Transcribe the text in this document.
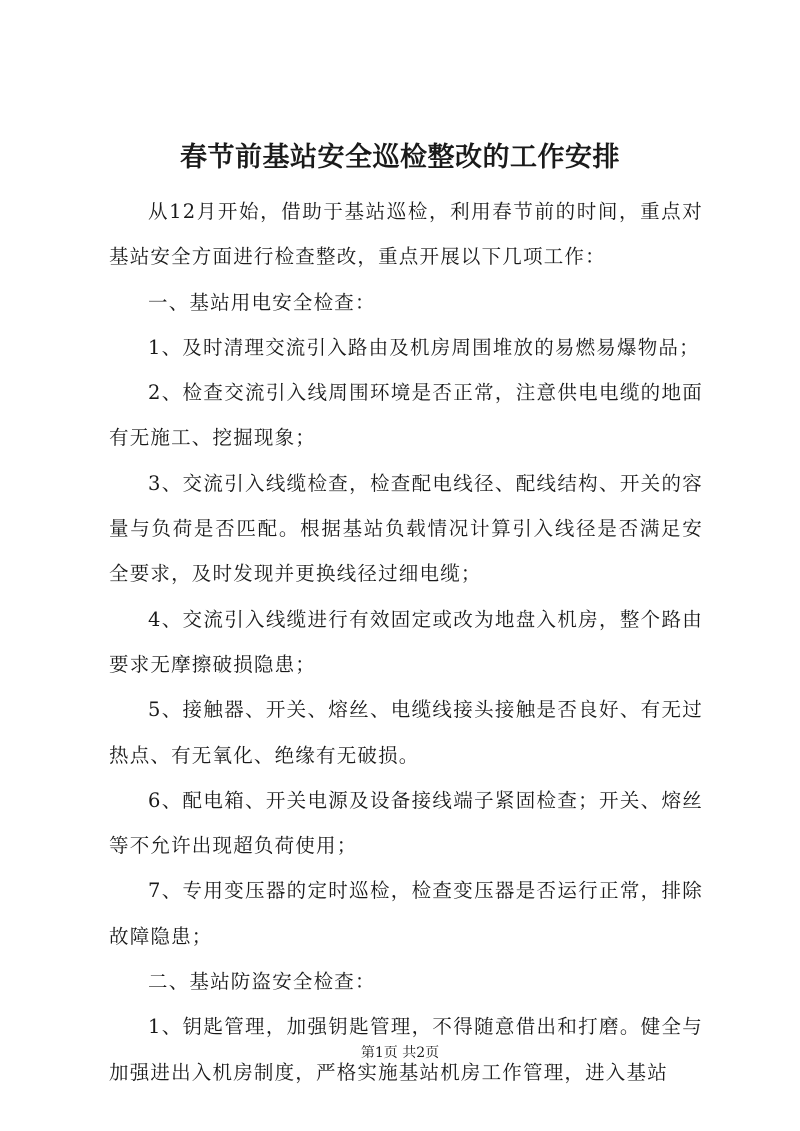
春节前基站安全巡检整改的工作安排

从12月开始，借助于基站巡检，利用春节前的时间，重点对基站安全方面进行检查整改，重点开展以下几项工作：

一、基站用电安全检查：

1、及时清理交流引入路由及机房周围堆放的易燃易爆物品；

2、检查交流引入线周围环境是否正常，注意供电电缆的地面有无施工、挖掘现象；

3、交流引入线缆检查，检查配电线径、配线结构、开关的容量与负荷是否匹配。根据基站负载情况计算引入线径是否满足安全要求，及时发现并更换线径过细电缆；

4、交流引入线缆进行有效固定或改为地盘入机房，整个路由要求无摩擦破损隐患；

5、接触器、开关、熔丝、电缆线接头接触是否良好、有无过热点、有无氧化、绝缘有无破损。

6、配电箱、开关电源及设备接线端子紧固检查；开关、熔丝等不允许出现超负荷使用；

7、专用变压器的定时巡检，检查变压器是否运行正常，排除故障隐患；

二、基站防盗安全检查：

1、钥匙管理，加强钥匙管理，不得随意借出和打磨。健全与加强进出入机房制度，严格实施基站机房工作管理，进入基站

第1页 共2页
